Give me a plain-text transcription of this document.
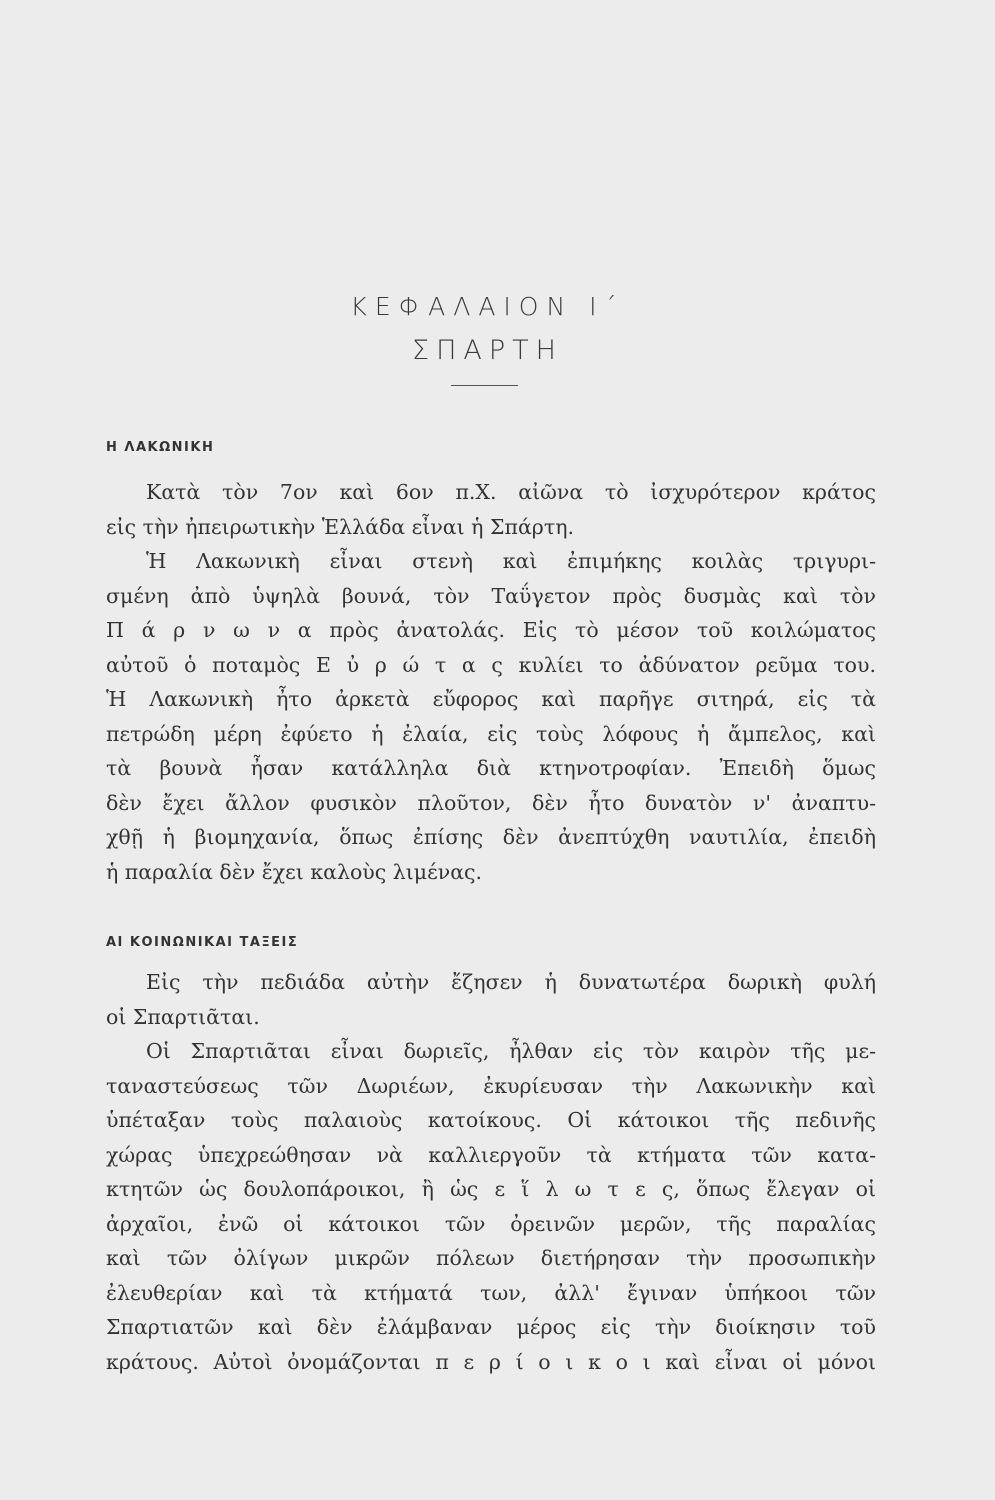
ΚΕΦΑΛΑΙΟΝ Ι΄
ΣΠΑΡΤΗ
Η ΛΑΚΩΝΙΚΗ
Κατὰ τὸν 7ον καὶ 6ον π.Χ. αἰῶνα τὸ ἰσχυρότερον κράτος
εἰς τὴν ἠπειρωτικὴν Ἑλλάδα εἶναι ἡ Σπάρτη.
Ἡ Λακωνικὴ εἶναι στενὴ καὶ ἐπιμήκης κοιλὰς τριγυρι-
σμένη ἀπὸ ὑψηλὰ βουνά, τὸν Ταΰγετον πρὸς δυσμὰς καὶ τὸν
Π ά ρ ν ω ν α πρὸς ἀνατολάς. Εἰς τὸ μέσον τοῦ κοιλώματος
αὐτοῦ ὁ ποταμὸς Ε ὐ ρ ώ τ α ς κυλίει το ἀδύνατον ρεῦμα του.
Ἡ Λακωνικὴ ἦτο ἀρκετὰ εὔφορος καὶ παρῆγε σιτηρά, εἰς τὰ
πετρώδη μέρη ἐφύετο ἡ ἐλαία, εἰς τοὺς λόφους ἡ ἄμπελος, καὶ
τὰ βουνὰ ἦσαν κατάλληλα διὰ κτηνοτροφίαν. Ἐπειδὴ ὅμως
δὲν ἔχει ἄλλον φυσικὸν πλοῦτον, δὲν ἦτο δυνατὸν ν' ἀναπτυ-
χθῇ ἡ βιομηχανία, ὅπως ἐπίσης δὲν ἀνεπτύχθη ναυτιλία, ἐπειδὴ
ἡ παραλία δὲν ἔχει καλοὺς λιμένας.
ΑΙ ΚΟΙΝΩΝΙΚΑΙ ΤΑΞΕΙΣ
Εἰς τὴν πεδιάδα αὐτὴν ἔζησεν ἡ δυνατωτέρα δωρικὴ φυλή
οἱ Σπαρτιᾶται.
Οἱ Σπαρτιᾶται εἶναι δωριεῖς, ἦλθαν εἰς τὸν καιρὸν τῆς με-
ταναστεύσεως τῶν Δωριέων, ἐκυρίευσαν τὴν Λακωνικὴν καὶ
ὑπέταξαν τοὺς παλαιοὺς κατοίκους. Οἱ κάτοικοι τῆς πεδινῆς
χώρας ὑπεχρεώθησαν νὰ καλλιεργοῦν τὰ κτήματα τῶν κατα-
κτητῶν ὡς δουλοπάροικοι, ἢ ὡς ε ἵ λ ω τ ε ς, ὅπως ἔλεγαν οἱ
ἀρχαῖοι, ἐνῶ οἱ κάτοικοι τῶν ὀρεινῶν μερῶν, τῆς παραλίας
καὶ τῶν ὀλίγων μικρῶν πόλεων διετήρησαν τὴν προσωπικὴν
ἐλευθερίαν καὶ τὰ κτήματά των, ἀλλ' ἔγιναν ὑπήκοοι τῶν
Σπαρτιατῶν καὶ δὲν ἐλάμβαναν μέρος εἰς τὴν διοίκησιν τοῦ
κράτους. Αὐτοὶ ὀνομάζονται π ε ρ ί ο ι κ ο ι καὶ εἶναι οἱ μόνοι
